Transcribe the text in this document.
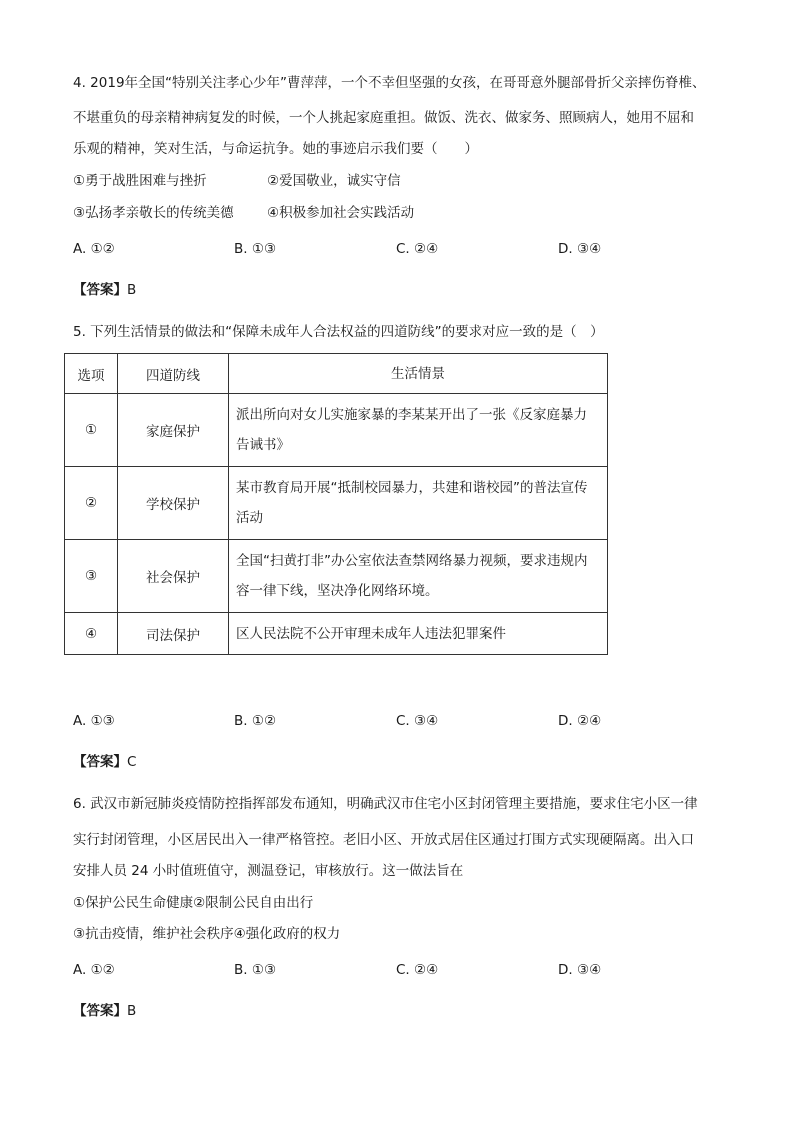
4. 2019年全国“特别关注孝心少年”曹萍萍，一个不幸但坚强的女孩，在哥哥意外腿部骨折父亲摔伤脊椎、
不堪重负的母亲精神病复发的时候，一个人挑起家庭重担。做饭、洗衣、做家务、照顾病人，她用不屈和
乐观的精神，笑对生活，与命运抗争。她的事迹启示我们要（　　）
①勇于战胜困难与挫折	②爱国敬业，诚实守信
③弘扬孝亲敬长的传统美德 ④积极参加社会实践活动
A. ①②	B. ①③	C. ②④	D. ③④
【答案】B
5. 下列生活情景的做法和“保障未成年人合法权益的四道防线”的要求对应一致的是（　）
选项	四道防线	生活情景
①	家庭保护	派出所向对女儿实施家暴的李某某开出了一张《反家庭暴力告诫书》

②	学校保护	某市教育局开展“抵制校园暴力，共建和谐校园”的普法宣传活动

③	社会保护	全国“扫黄打非”办公室依法查禁网络暴力视频，要求违规内容一律下线，坚决净化网络环境。

④	司法保护	区人民法院不公开审理未成年人违法犯罪案件
A. ①③	B. ①②	C. ③④	D. ②④
【答案】C
6. 武汉市新冠肺炎疫情防控指挥部发布通知，明确武汉市住宅小区封闭管理主要措施，要求住宅小区一律
实行封闭管理，小区居民出入一律严格管控。老旧小区、开放式居住区通过打围方式实现硬隔离。出入口
安排人员 24 小时值班值守，测温登记，审核放行。这一做法旨在
①保护公民生命健康②限制公民自由出行
③抗击疫情，维护社会秩序④强化政府的权力
A. ①②	B. ①③	C. ②④	D. ③④
【答案】B
